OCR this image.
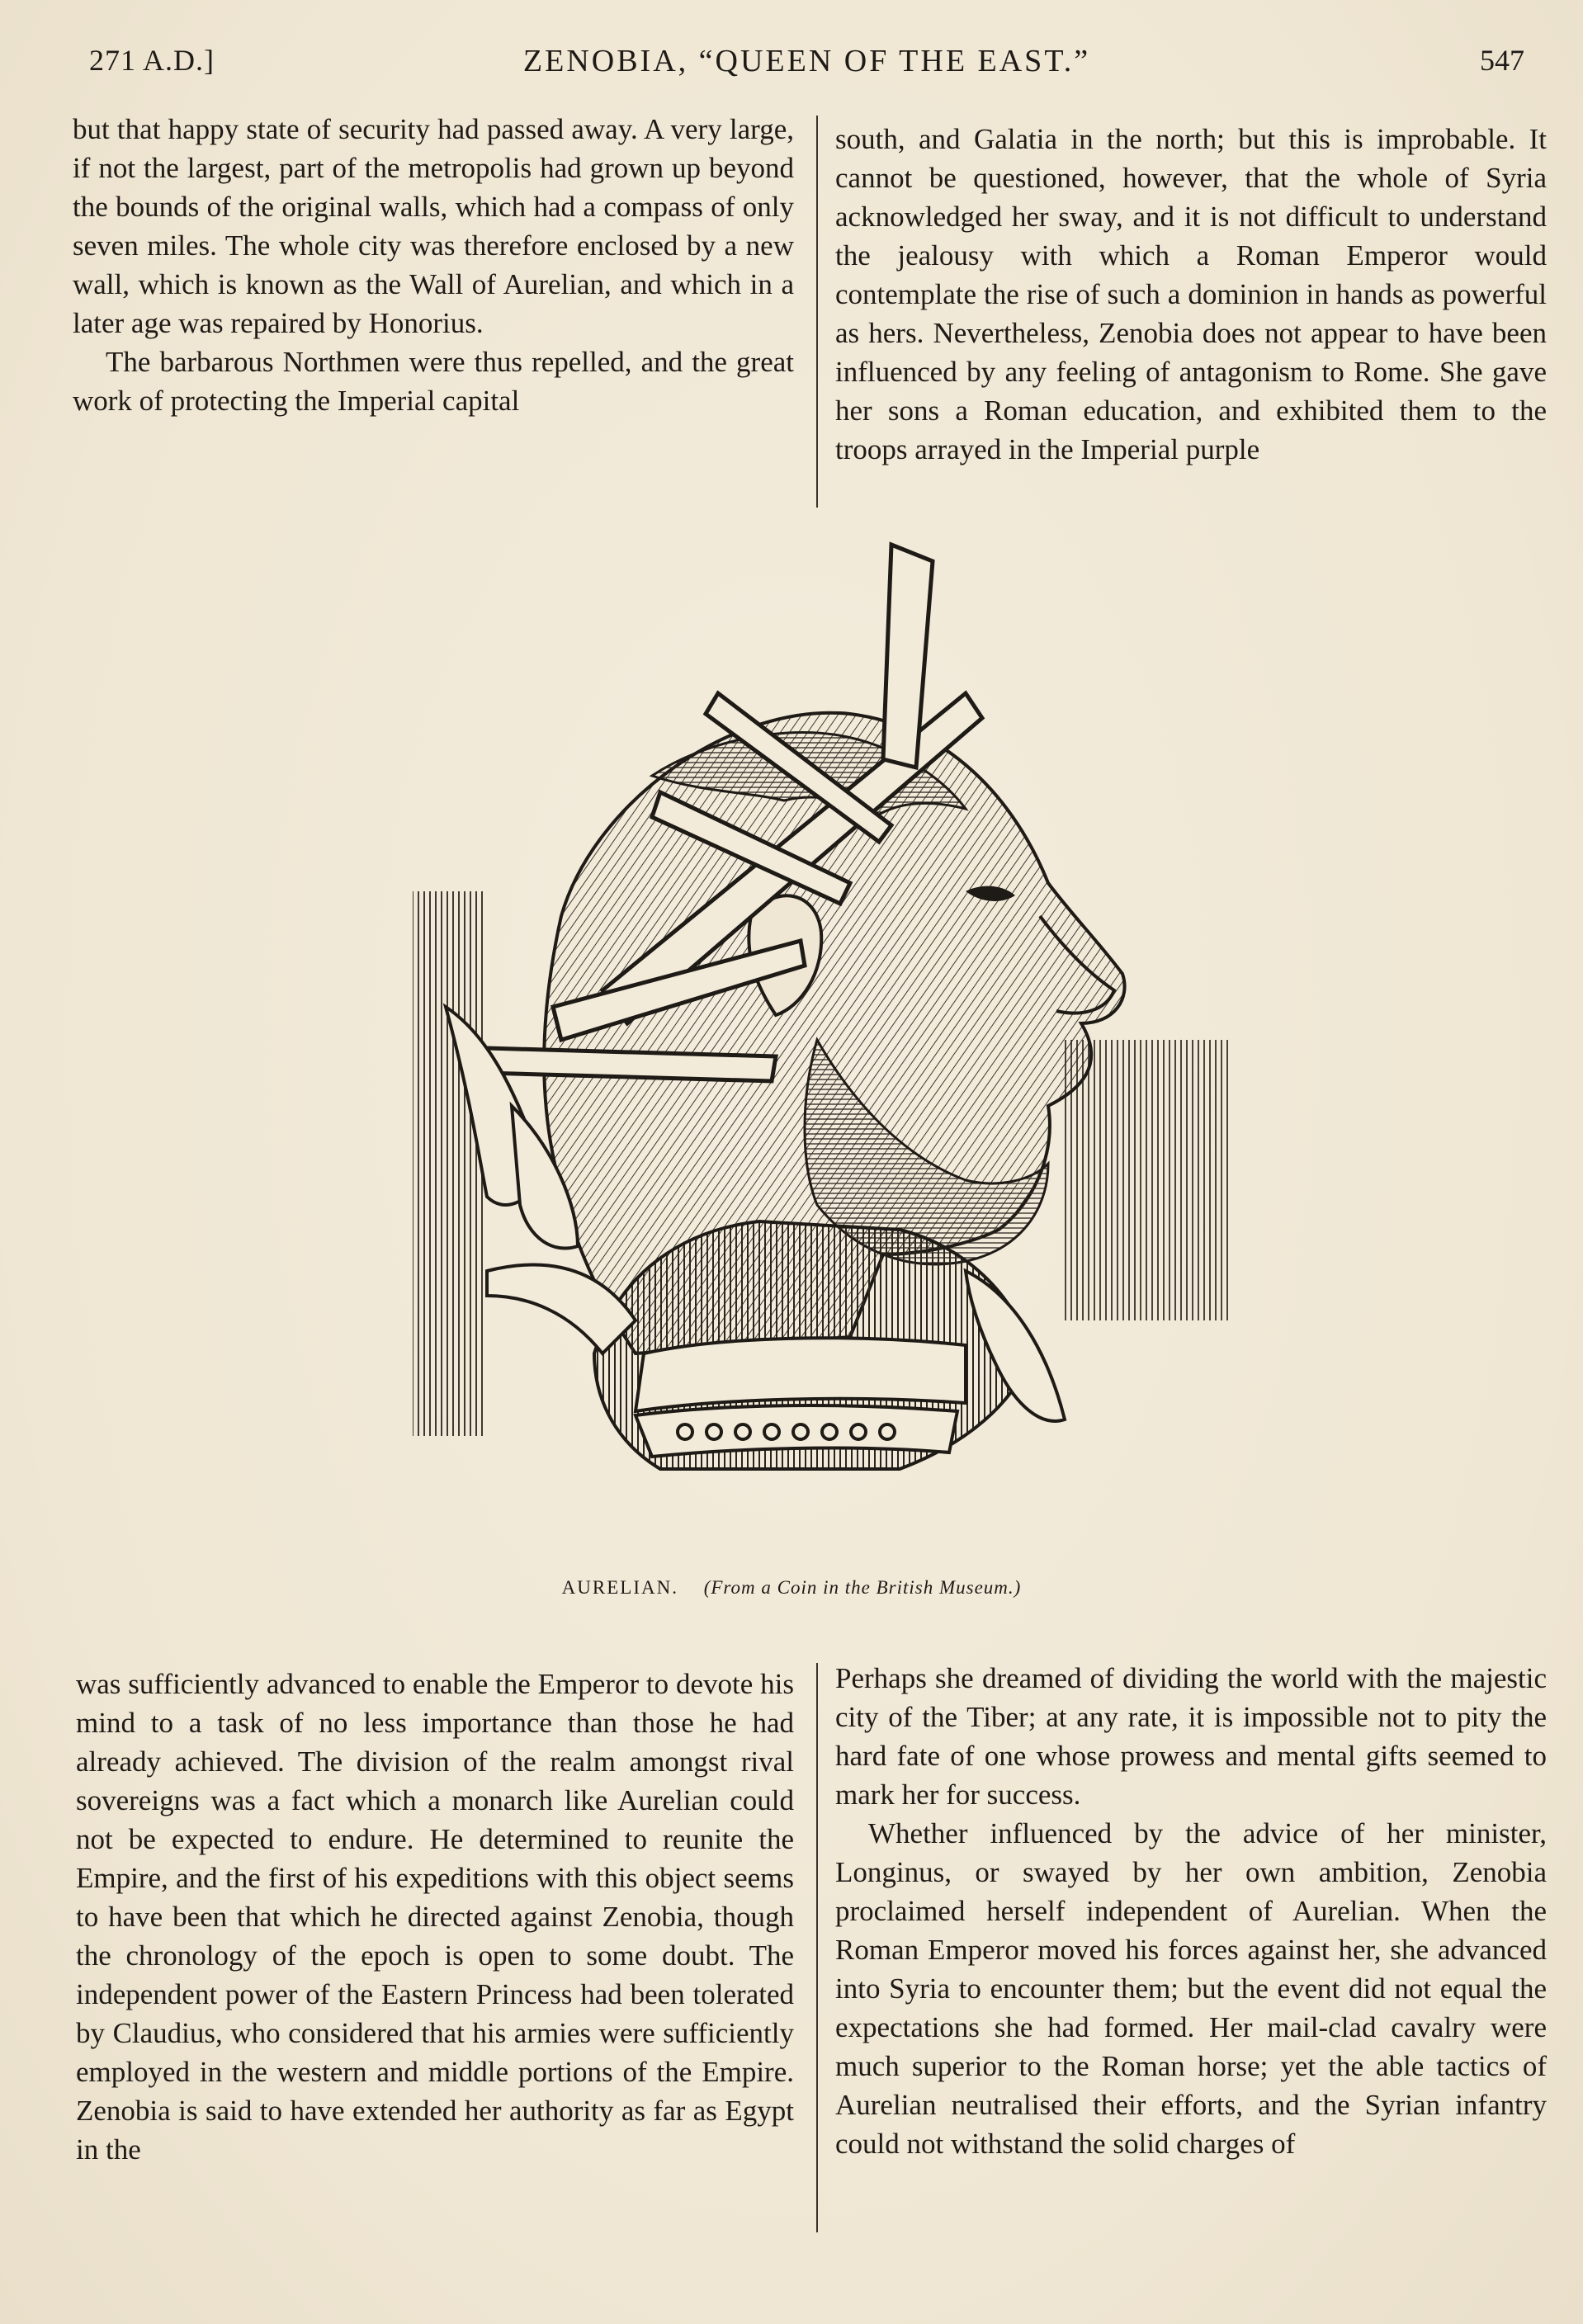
271 A.D.]	ZENOBIA, “QUEEN OF THE EAST.”	547

but that happy state of security had passed away. A very large, if not the largest, part of the metropolis had grown up beyond the bounds of the original walls, which had a compass of only seven miles. The whole city was therefore enclosed by a new wall, which is known as the Wall of Aurelian, and which in a later age was repaired by Honorius.

The barbarous Northmen were thus repelled, and the great work of protecting the Imperial capital

south, and Galatia in the north; but this is improbable. It cannot be questioned, however, that the whole of Syria acknowledged her sway, and it is not difficult to understand the jealousy with which a Roman Emperor would contemplate the rise of such a dominion in hands as powerful as hers. Nevertheless, Zenobia does not appear to have been influenced by any feeling of antagonism to Rome. She gave her sons a Roman education, and exhibited them to the troops arrayed in the Imperial purple

AURELIAN. (From a Coin in the British Museum.)

was sufficiently advanced to enable the Emperor to devote his mind to a task of no less importance than those he had already achieved. The division of the realm amongst rival sovereigns was a fact which a monarch like Aurelian could not be expected to endure. He determined to reunite the Empire, and the first of his expeditions with this object seems to have been that which he directed against Zenobia, though the chronology of the epoch is open to some doubt. The independent power of the Eastern Princess had been tolerated by Claudius, who considered that his armies were sufficiently employed in the western and middle portions of the Empire. Zenobia is said to have extended her authority as far as Egypt in the

Perhaps she dreamed of dividing the world with the majestic city of the Tiber; at any rate, it is impossible not to pity the hard fate of one whose prowess and mental gifts seemed to mark her for success.

Whether influenced by the advice of her minister, Longinus, or swayed by her own ambition, Zenobia proclaimed herself independent of Aurelian. When the Roman Emperor moved his forces against her, she advanced into Syria to encounter them; but the event did not equal the expectations she had formed. Her mail-clad cavalry were much superior to the Roman horse; yet the able tactics of Aurelian neutralised their efforts, and the Syrian infantry could not withstand the solid charges of
